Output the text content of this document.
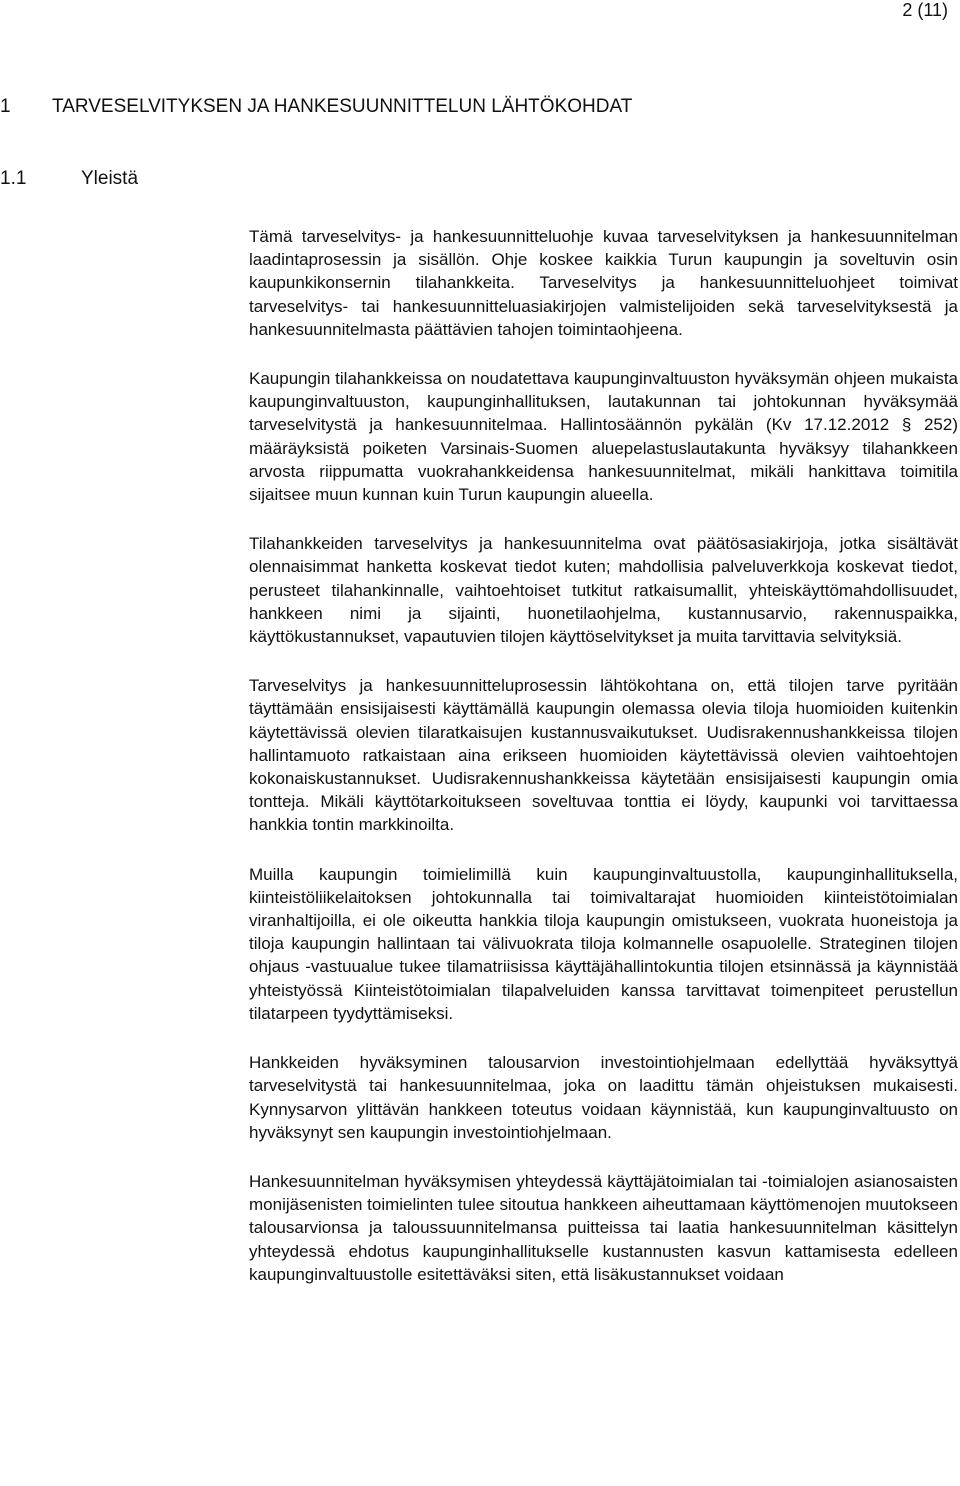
2 (11)
1 TARVESELVITYKSEN JA HANKESUUNNITTELUN LÄHTÖKOHDAT
1.1	Yleistä

Tämä tarveselvitys- ja hankesuunnitteluohje kuvaa tarveselvityksen ja hankesuunnitelman laadintaprosessin ja sisällön. Ohje koskee kaikkia Turun kaupungin ja soveltuvin osin kaupunkikonsernin tilahankkeita. Tarveselvitys ja hankesuunnitteluohjeet toimivat tarveselvitys- tai hankesuunnitteluasiakirjojen valmistelijoiden sekä tarveselvityksestä ja hankesuunnitelmasta päättävien tahojen toimintaohjeena.

Kaupungin tilahankkeissa on noudatettava kaupunginvaltuuston hyväksymän ohjeen mukaista kaupunginvaltuuston, kaupunginhallituksen, lautakunnan tai johtokunnan hyväksymää tarveselvitystä ja hankesuunnitelmaa. Hallintosäännön pykälän (Kv 17.12.2012 § 252) määräyksistä poiketen Varsinais-Suomen aluepelastuslautakunta hyväksyy tilahankkeen arvosta riippumatta vuokrahankkeidensa hankesuunnitelmat, mikäli hankittava toimitila sijaitsee muun kunnan kuin Turun kaupungin alueella.

Tilahankkeiden tarveselvitys ja hankesuunnitelma ovat päätösasiakirjoja, jotka sisältävät olennaisimmat hanketta koskevat tiedot kuten; mahdollisia palveluverkkoja koskevat tiedot, perusteet tilahankinnalle, vaihtoehtoiset tutkitut ratkaisumallit, yhteiskäyttömahdollisuudet, hankkeen nimi ja sijainti, huonetilaohjelma, kustannusarvio, rakennuspaikka, käyttökustannukset, vapautuvien tilojen käyttöselvitykset ja muita tarvittavia selvityksiä.

Tarveselvitys ja hankesuunnitteluprosessin lähtökohtana on, että tilojen tarve pyritään täyttämään ensisijaisesti käyttämällä kaupungin olemassa olevia tiloja huomioiden kuitenkin käytettävissä olevien tilaratkaisujen kustannusvaikutukset. Uudisrakennushankkeissa tilojen hallintamuoto ratkaistaan aina erikseen huomioiden käytettävissä olevien vaihtoehtojen kokonaiskustannukset. Uudisrakennushankkeissa käytetään ensisijaisesti kaupungin omia tontteja. Mikäli käyttötarkoitukseen soveltuvaa tonttia ei löydy, kaupunki voi tarvittaessa hankkia tontin markkinoilta.

Muilla kaupungin toimielimillä kuin kaupunginvaltuustolla, kaupunginhallituksella, kiinteistöliikelaitoksen johtokunnalla tai toimivaltarajat huomioiden kiinteistötoimialan viranhaltijoilla, ei ole oikeutta hankkia tiloja kaupungin omistukseen, vuokrata huoneistoja ja tiloja kaupungin hallintaan tai välivuokrata tiloja kolmannelle osapuolelle. Strateginen tilojen ohjaus -vastuualue tukee tilamatriisissa käyttäjähallintokuntia tilojen etsinnässä ja käynnistää yhteistyössä Kiinteistötoimialan tilapalveluiden kanssa tarvittavat toimenpiteet perustellun tilatarpeen tyydyttämiseksi.

Hankkeiden hyväksyminen talousarvion investointiohjelmaan edellyttää hyväksyttyä tarveselvitystä tai hankesuunnitelmaa, joka on laadittu tämän ohjeistuksen mukaisesti. Kynnysarvon ylittävän hankkeen toteutus voidaan käynnistää, kun kaupunginvaltuusto on hyväksynyt sen kaupungin investointiohjelmaan.

Hankesuunnitelman hyväksymisen yhteydessä käyttäjätoimialan tai -toimialojen asianosaisten monijäsenisten toimielinten tulee sitoutua hankkeen aiheuttamaan käyttömenojen muutokseen talousarvionsa ja taloussuunnitelmansa puitteissa tai laatia hankesuunnitelman käsittelyn yhteydessä ehdotus kaupunginhallitukselle kustannusten kasvun kattamisesta edelleen kaupunginvaltuustolle esitettäväksi siten, että lisäkustannukset voidaan
